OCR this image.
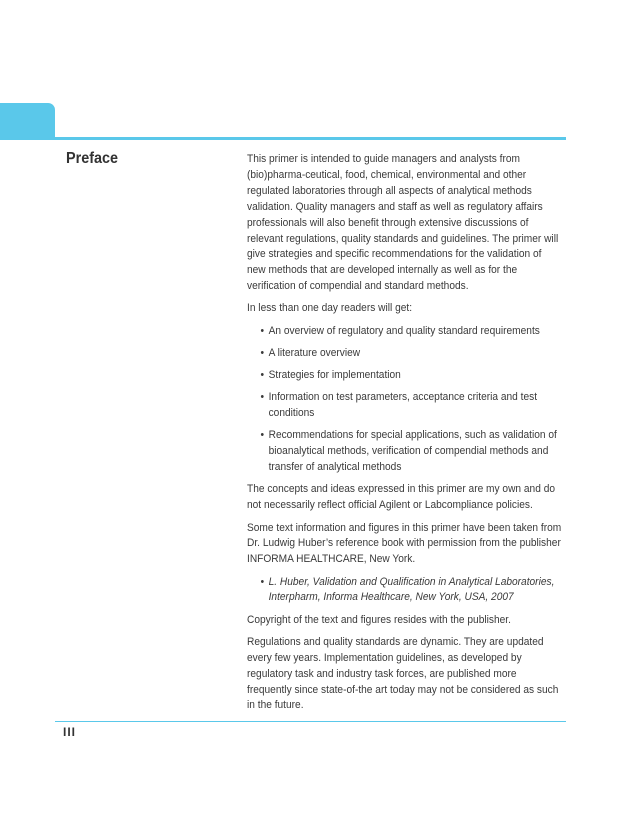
Preface	This primer is intended to guide managers and analysts from (bio)pharma-ceutical, food, chemical, environmental and other regulated laboratories through all aspects of analytical methods validation. Quality managers and staff as well as regulatory affairs professionals will also benefit through extensive discussions of relevant regulations, quality standards and guidelines. The primer will give strategies and specific recommendations for the validation of new methods that are developed internally as well as for the verification of compendial and standard methods.

In less than one day readers will get:

• An overview of regulatory and quality standard requirements
• A literature overview
• Strategies for implementation
• Information on test parameters, acceptance criteria and test conditions
• Recommendations for special applications, such as validation of bioanalytical methods, verification of compendial methods and transfer of analytical methods

The concepts and ideas expressed in this primer are my own and do not necessarily reflect official Agilent or Labcompliance policies.

Some text information and figures in this primer have been taken from Dr. Ludwig Huber’s reference book with permission from the publisher INFORMA HEALTHCARE, New York.

• L. Huber, Validation and Qualification in Analytical Laboratories, Interpharm, Informa Healthcare, New York, USA, 2007

Copyright of the text and figures resides with the publisher.

Regulations and quality standards are dynamic. They are updated every few years. Implementation guidelines, as developed by regulatory task and industry task forces, are published more frequently since state-of-the art today may not be considered as such in the future.

III
